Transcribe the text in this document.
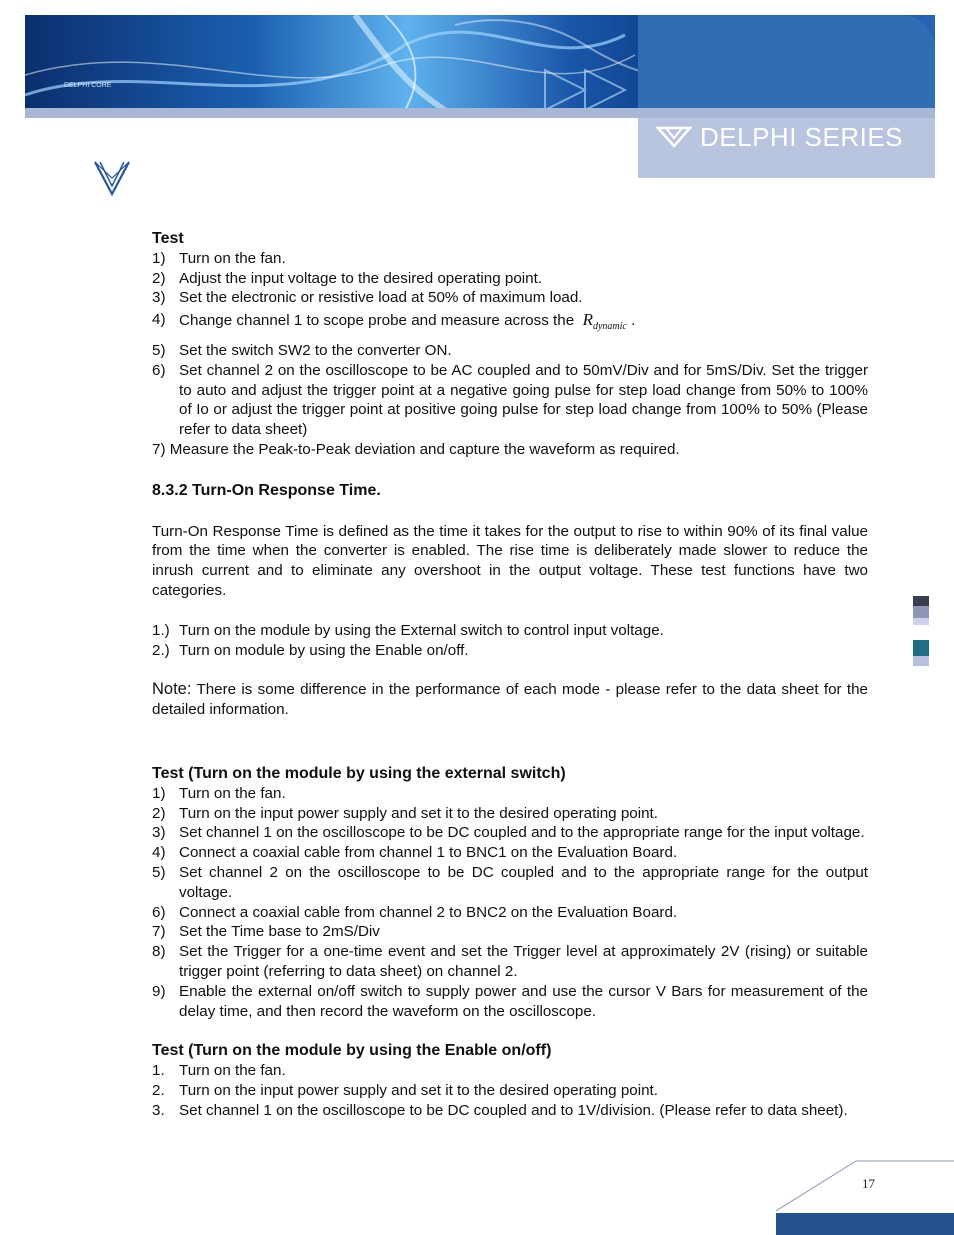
DELPHI CORE
DELPHI SERIES

Test

1) Turn on the fan.
2) Adjust the input voltage to the desired operating point.
3) Set the electronic or resistive load at 50% of maximum load.
4) Change channel 1 to scope probe and measure across the $R_{dynamic}$ .
5) Set the switch SW2 to the converter ON.
6) Set channel 2 on the oscilloscope to be AC coupled and to 50mV/Div and for 5mS/Div. Set the trigger to auto and adjust the trigger point at a negative going pulse for step load change from 50% to 100% of Io or adjust the trigger point at positive going pulse for step load change from 100% to 50% (Please refer to data sheet)

7) Measure the Peak-to-Peak deviation and capture the waveform as required.

8.3.2 Turn-On Response Time.

Turn-On Response Time is defined as the time it takes for the output to rise to within 90% of its final value from the time when the converter is enabled. The rise time is deliberately made slower to reduce the inrush current and to eliminate any overshoot in the output voltage. These test functions have two categories.

1.) Turn on the module by using the External switch to control input voltage.
2.) Turn on module by using the Enable on/off.

Note: There is some difference in the performance of each mode - please refer to the data sheet for the detailed information.

Test (Turn on the module by using the external switch)

1) Turn on the fan.
2) Turn on the input power supply and set it to the desired operating point.
3) Set channel 1 on the oscilloscope to be DC coupled and to the appropriate range for the input voltage.
4) Connect a coaxial cable from channel 1 to BNC1 on the Evaluation Board.
5) Set channel 2 on the oscilloscope to be DC coupled and to the appropriate range for the output voltage.
6) Connect a coaxial cable from channel 2 to BNC2 on the Evaluation Board.
7) Set the Time base to 2mS/Div
8) Set the Trigger for a one-time event and set the Trigger level at approximately 2V (rising) or suitable trigger point (referring to data sheet) on channel 2.
9) Enable the external on/off switch to supply power and use the cursor V Bars for measurement of the delay time, and then record the waveform on the oscilloscope.

Test (Turn on the module by using the Enable on/off)

1. Turn on the fan.
2. Turn on the input power supply and set it to the desired operating point.
3. Set channel 1 on the oscilloscope to be DC coupled and to 1V/division. (Please refer to data sheet).
17
